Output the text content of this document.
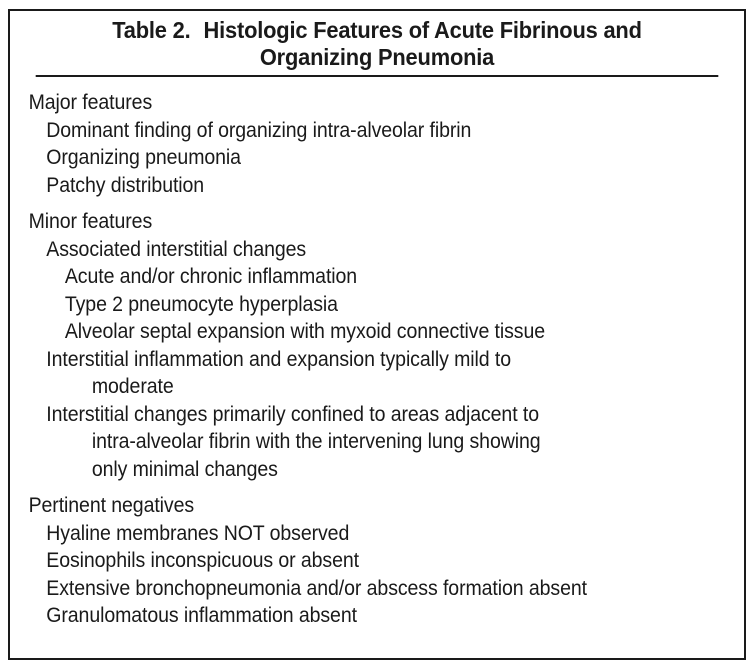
Table 2. Histologic Features of Acute Fibrinous and
Organizing Pneumonia
Major features
Dominant finding of organizing intra-alveolar fibrin
Organizing pneumonia
Patchy distribution
Minor features
Associated interstitial changes
Acute and/or chronic inflammation
Type 2 pneumocyte hyperplasia
Alveolar septal expansion with myxoid connective tissue
Interstitial inflammation and expansion typically mild to
moderate
Interstitial changes primarily confined to areas adjacent to
intra-alveolar fibrin with the intervening lung showing
only minimal changes
Pertinent negatives
Hyaline membranes NOT observed
Eosinophils inconspicuous or absent
Extensive bronchopneumonia and/or abscess formation absent
Granulomatous inflammation absent
